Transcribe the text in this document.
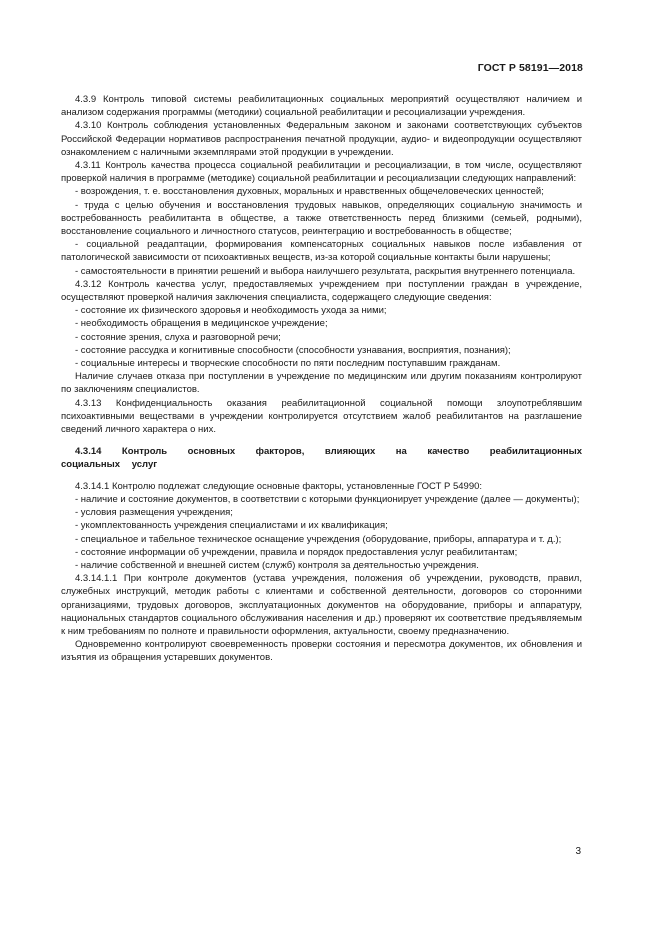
ГОСТ Р 58191—2018

4.3.9 Контроль типовой системы реабилитационных социальных мероприятий осуществляют наличием и анализом содержания программы (методики) социальной реабилитации и ресоциализации учреждения.

4.3.10 Контроль соблюдения установленных Федеральным законом и законами соответствующих субъектов Российской Федерации нормативов распространения печатной продукции, аудио- и видеопродукции осуществляют ознакомлением с наличными экземплярами этой продукции в учреждении.

4.3.11 Контроль качества процесса социальной реабилитации и ресоциализации, в том числе, осуществляют проверкой наличия в программе (методике) социальной реабилитации и ресоциализации следующих направлений:

- возрождения, т. е. восстановления духовных, моральных и нравственных общечеловеческих ценностей;

- труда с целью обучения и восстановления трудовых навыков, определяющих социальную значимость и востребованность реабилитанта в обществе, а также ответственность перед близкими (семьей, родными), восстановление социального и личностного статусов, реинтеграцию и востребованность в обществе;

- социальной реадаптации, формирования компенсаторных социальных навыков после избавления от патологической зависимости от психоактивных веществ, из-за которой социальные контакты были нарушены;

- самостоятельности в принятии решений и выбора наилучшего результата, раскрытия внутреннего потенциала.

4.3.12 Контроль качества услуг, предоставляемых учреждением при поступлении граждан в учреждение, осуществляют проверкой наличия заключения специалиста, содержащего следующие сведения:

- состояние их физического здоровья и необходимость ухода за ними;

- необходимость обращения в медицинское учреждение;

- состояние зрения, слуха и разговорной речи;

- состояние рассудка и когнитивные способности (способности узнавания, восприятия, познания);

- социальные интересы и творческие способности по пяти последним поступавшим гражданам.

Наличие случаев отказа при поступлении в учреждение по медицинским или другим показаниям контролируют по заключениям специалистов.

4.3.13 Конфиденциальность оказания реабилитационной социальной помощи злоупотреблявшим психоактивными веществами в учреждении контролируется отсутствием жалоб реабилитантов на разглашение сведений личного характера о них.

4.3.14 Контроль основных факторов, влияющих на качество реабилитационных социальных услуг

4.3.14.1 Контролю подлежат следующие основные факторы, установленные ГОСТ Р 54990:

- наличие и состояние документов, в соответствии с которыми функционирует учреждение (далее — документы);

- условия размещения учреждения;

- укомплектованность учреждения специалистами и их квалификация;

- специальное и табельное техническое оснащение учреждения (оборудование, приборы, аппаратура и т. д.);

- состояние информации об учреждении, правила и порядок предоставления услуг реабилитантам;

- наличие собственной и внешней систем (служб) контроля за деятельностью учреждения.

4.3.14.1.1 При контроле документов (устава учреждения, положения об учреждении, руководств, правил, служебных инструкций, методик работы с клиентами и собственной деятельности, договоров со сторонними организациями, трудовых договоров, эксплуатационных документов на оборудование, приборы и аппаратуру, национальных стандартов социального обслуживания населения и др.) проверяют их соответствие предъявляемым к ним требованиям по полноте и правильности оформления, актуальности, своему предназначению.

Одновременно контролируют своевременность проверки состояния и пересмотра документов, их обновления и изъятия из обращения устаревших документов.

3
